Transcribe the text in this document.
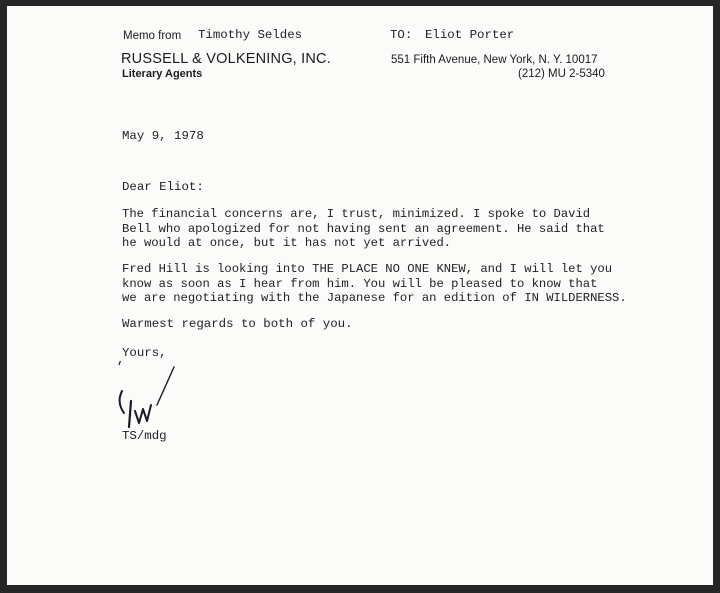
Memo from Timothy Seldes	TO: Eliot Porter
RUSSELL & VOLKENING, INC.	551 Fifth Avenue, New York, N. Y. 10017
Literary Agents	(212) MU 2-5340
May 9, 1978
Dear Eliot:
The financial concerns are, I trust, minimized. I spoke to David
Bell who apologized for not having sent an agreement. He said that
he would at once, but it has not yet arrived.
Fred Hill is looking into THE PLACE NO ONE KNEW, and I will let you
know as soon as I hear from him. You will be pleased to know that
we are negotiating with the Japanese for an edition of IN WILDERNESS.
Warmest regards to both of you.
Yours,
TS/mdg
